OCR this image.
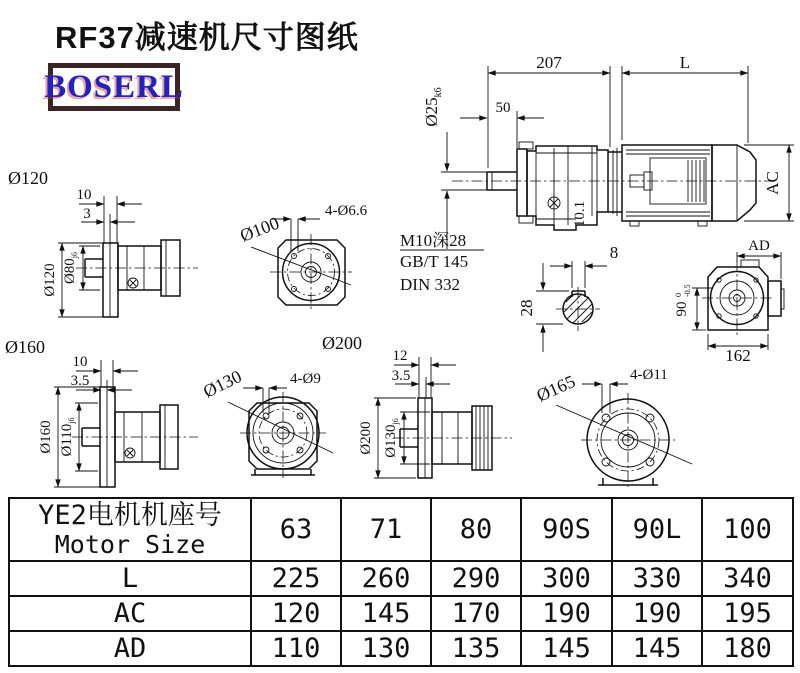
RF37减速机尺寸图纸
BOSERL
10.1
207	L
50
$Ø25_{k6}$
AC
M10深28
GB/T 145
DIN 332
8
28
AD
90
0 -0.5
162
Ø120
10
3
Ø120 $Ø80_{j6}$
Ø100
4-Ø6.6
Ø160
10
3.5
Ø160 $Ø110_{j6}$
Ø200
Ø130	4-Ø9
12
3.5
Ø200 $Ø130_{j6}$
Ø165	4-Ø11
YE2电机机座号
Motor Size	63	71	80	90S	90L	100
L	225	260	290	300	330	340
AC	120	145	170	190	190	195
AD	110	130	135	145	145	180
